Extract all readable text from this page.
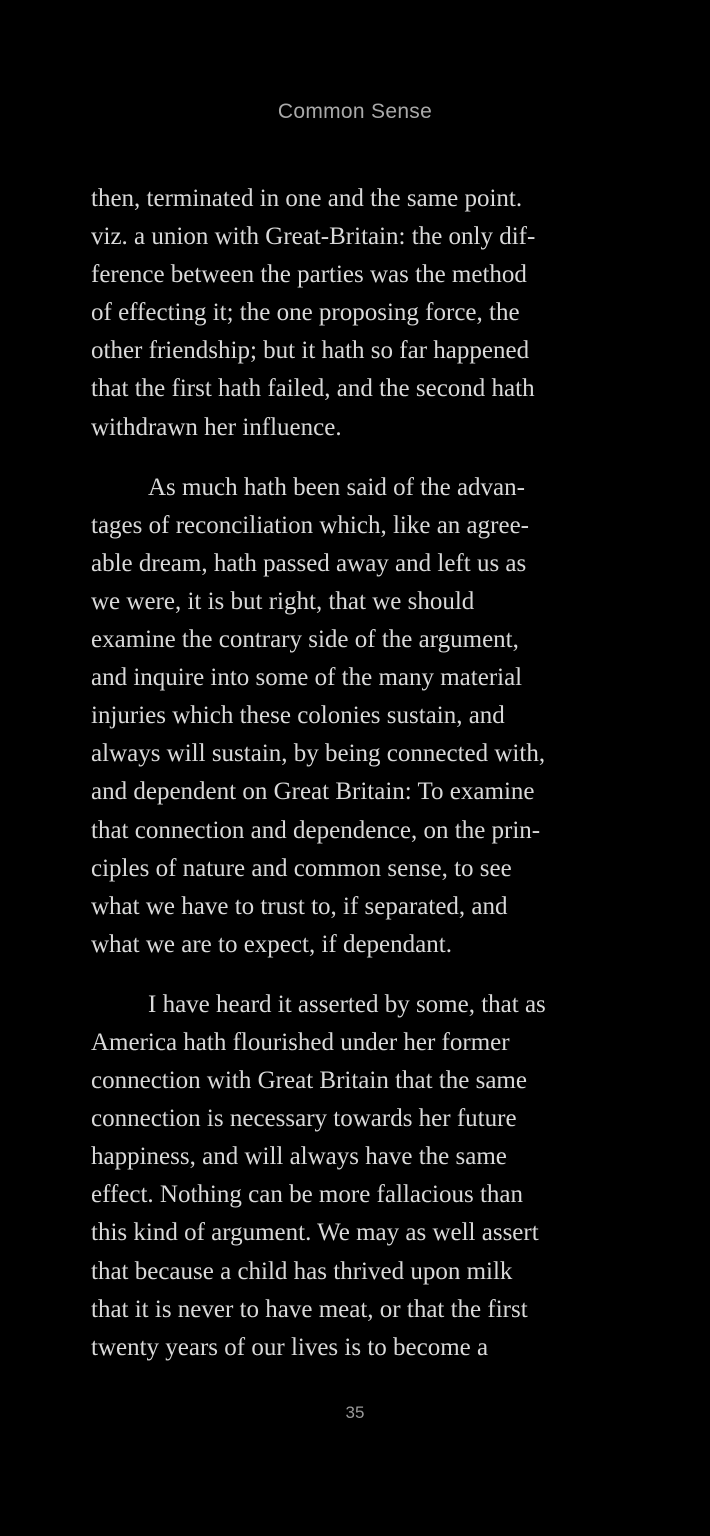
Common Sense
then, terminated in one and the same point.
viz. a union with Great-Britain: the only dif-
ference between the parties was the method
of effecting it; the one proposing force, the
other friendship; but it hath so far happened
that the first hath failed, and the second hath
withdrawn her influence.
As much hath been said of the advan-
tages of reconciliation which, like an agree-
able dream, hath passed away and left us as
we were, it is but right, that we should
examine the contrary side of the argument,
and inquire into some of the many material
injuries which these colonies sustain, and
always will sustain, by being connected with,
and dependent on Great Britain: To examine
that connection and dependence, on the prin-
ciples of nature and common sense, to see
what we have to trust to, if separated, and
what we are to expect, if dependant.
I have heard it asserted by some, that as
America hath flourished under her former
connection with Great Britain that the same
connection is necessary towards her future
happiness, and will always have the same
effect. Nothing can be more fallacious than
this kind of argument. We may as well assert
that because a child has thrived upon milk
that it is never to have meat, or that the first
twenty years of our lives is to become a
35
